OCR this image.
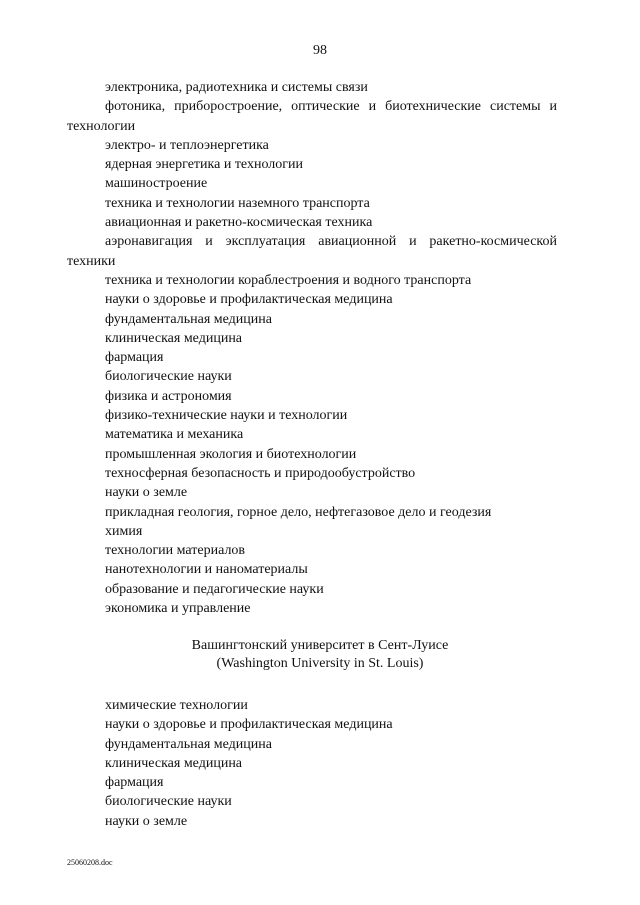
98

электроника, радиотехника и системы связи

фотоника, приборостроение, оптические и биотехнические системы и технологии

электро- и теплоэнергетика

ядерная энергетика и технологии

машиностроение

техника и технологии наземного транспорта

авиационная и ракетно-космическая техника

аэронавигация и эксплуатация авиационной и ракетно-космической техники

техника и технологии кораблестроения и водного транспорта

науки о здоровье и профилактическая медицина

фундаментальная медицина

клиническая медицина

фармация

биологические науки

физика и астрономия

физико-технические науки и технологии

математика и механика

промышленная экология и биотехнологии

техносферная безопасность и природообустройство

науки о земле

прикладная геология, горное дело, нефтегазовое дело и геодезия

химия

технологии материалов

нанотехнологии и наноматериалы

образование и педагогические науки

экономика и управление

Вашингтонский университет в Сент-Луисе
(Washington University in St. Louis)

химические технологии

науки о здоровье и профилактическая медицина

фундаментальная медицина

клиническая медицина

фармация

биологические науки

науки о земле

25060208.doc
